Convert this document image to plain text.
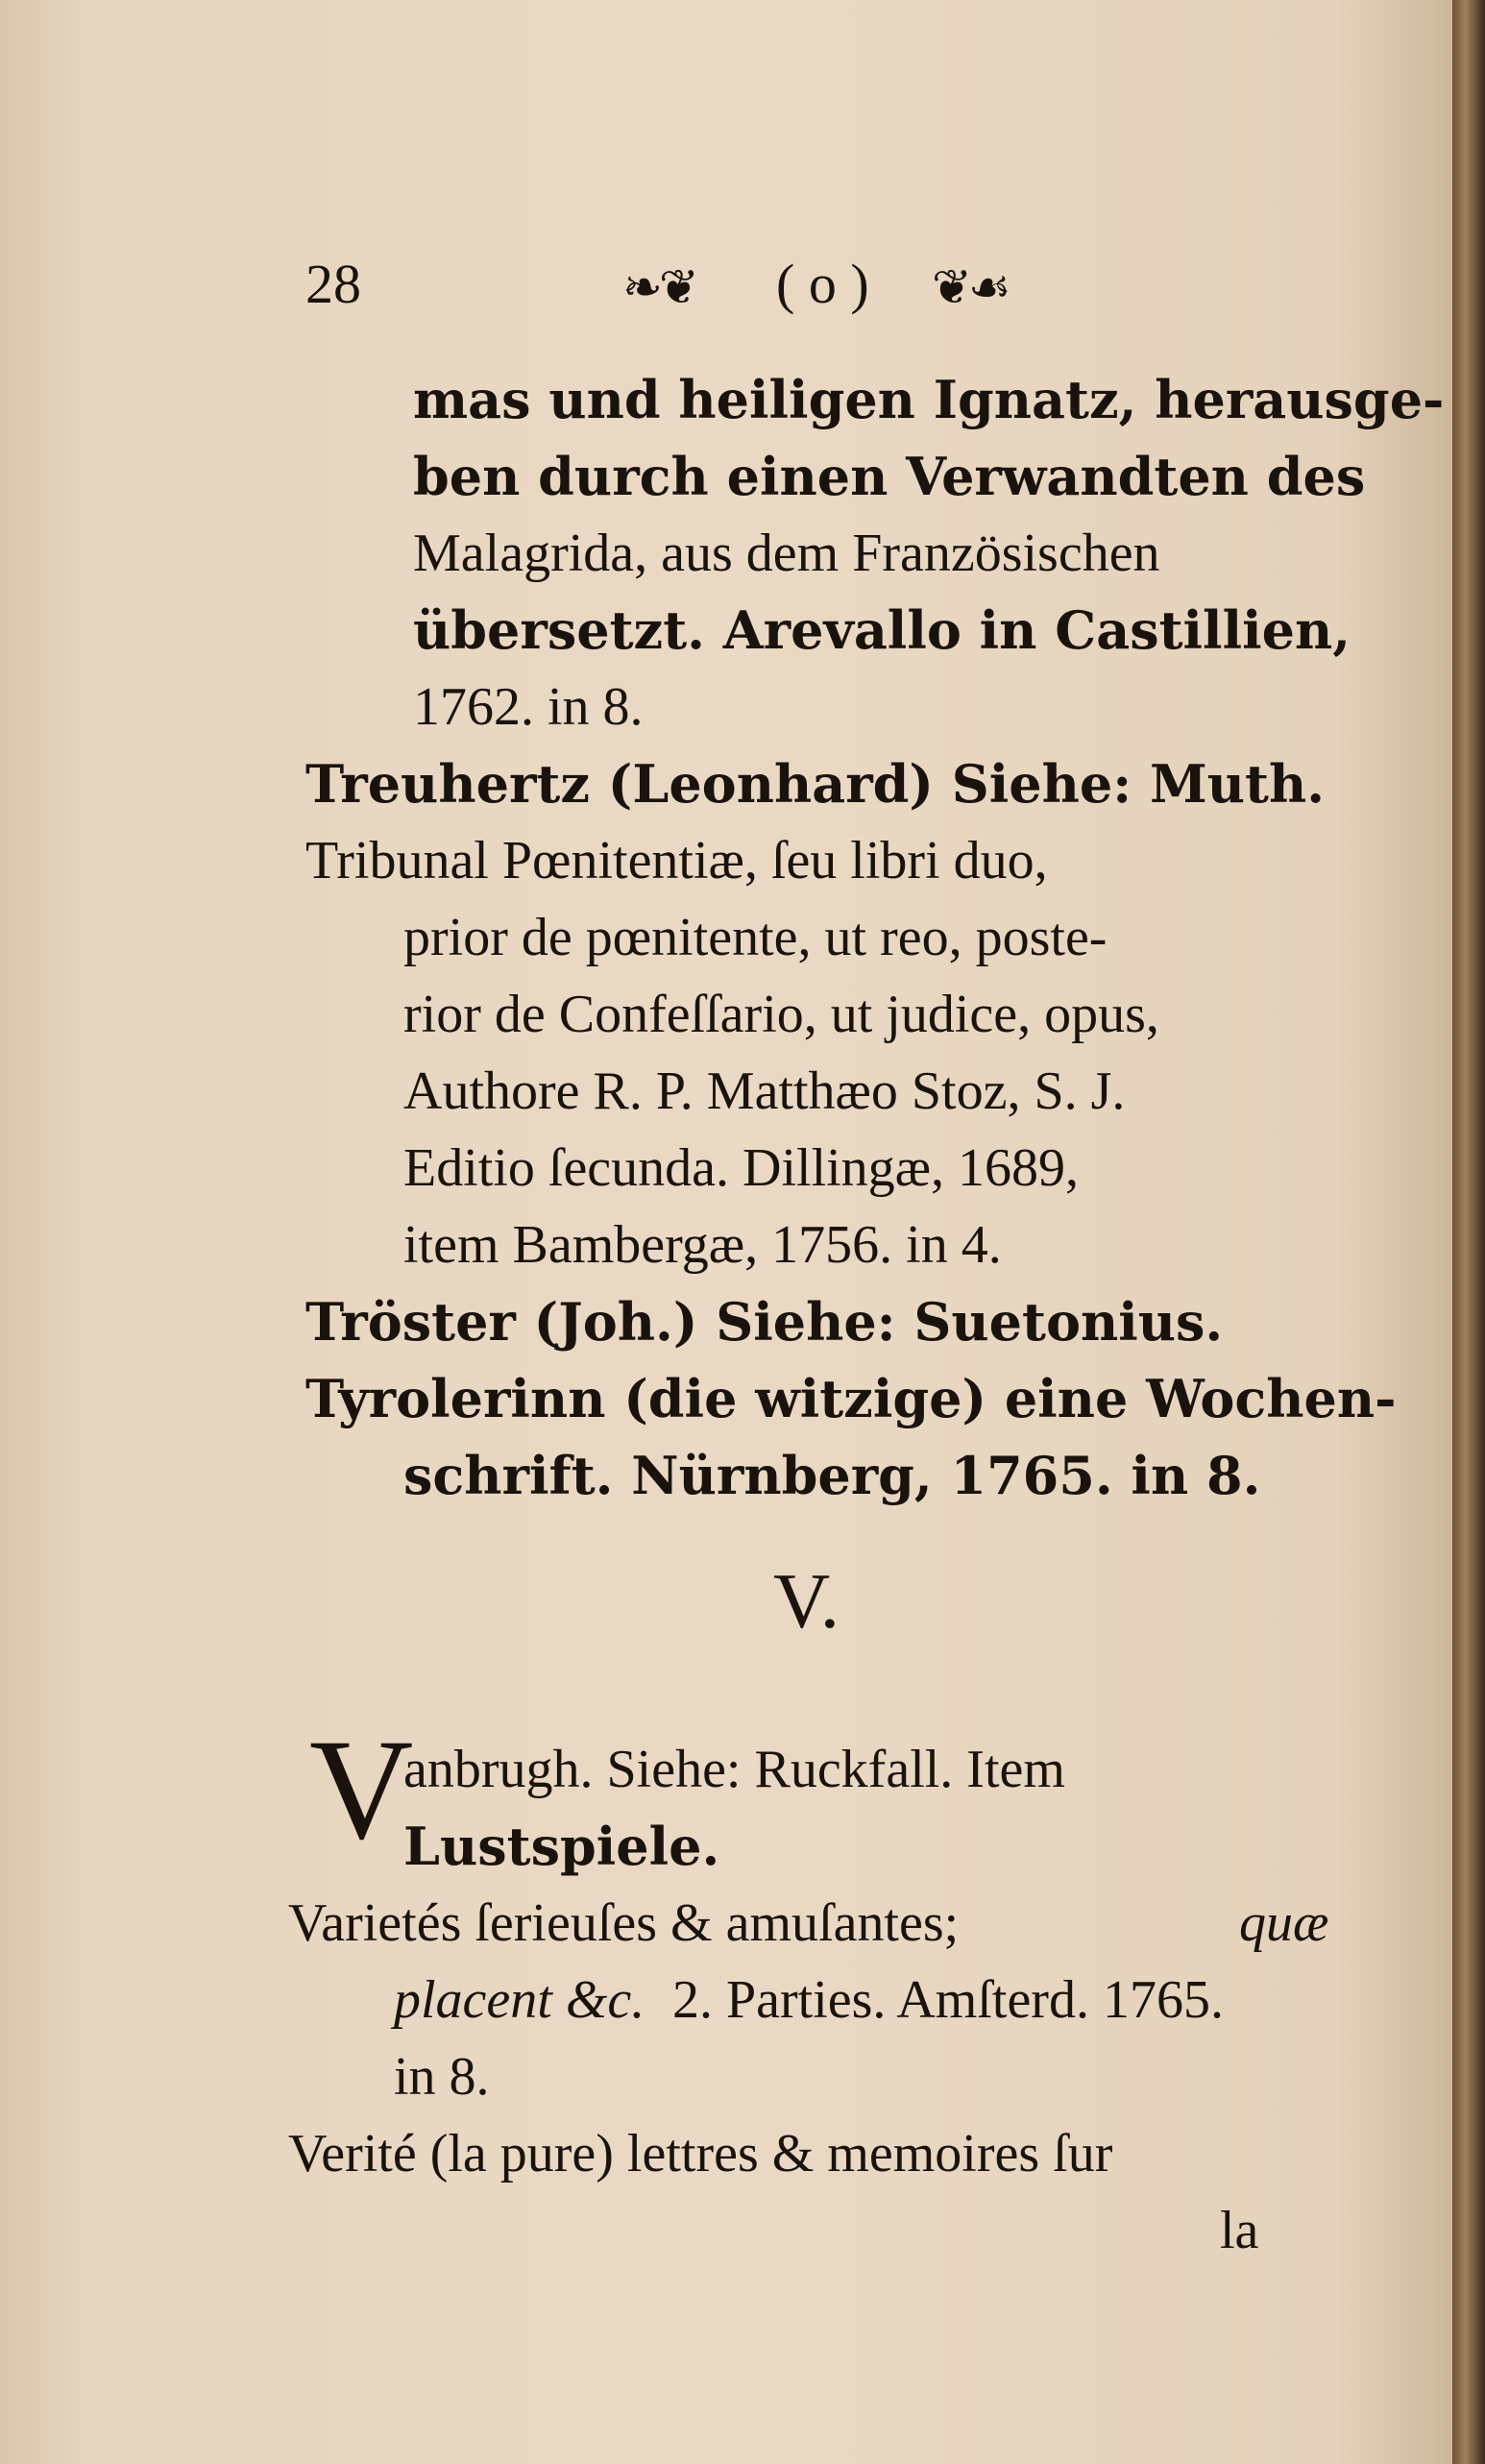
28	❧❦ ( o ) ❦☙
mas und heiligen Ignatz, herausge-
ben durch einen Verwandten des
Malagrida, aus dem Französischen
übersetzt. Arevallo in Castillien,
1762. in 8.
Treuhertz (Leonhard) Siehe: Muth.
Tribunal Pœnitentiæ, ſeu libri duo,
prior de pœnitente, ut reo, poste-
rior de Confeſſario, ut judice, opus,
Authore R. P. Matthæo Stoz, S. J.
Editio ſecunda. Dillingæ, 1689,
item Bambergæ, 1756. in 4.
Tröster (Joh.) Siehe: Suetonius.
Tyrolerinn (die witzige) eine Wochen-
schrift. Nürnberg, 1765. in 8.
V.
V
anbrugh. Siehe: Ruckfall. Item
Lustspiele.
Varietés ſerieuſes & amuſantes;	quæ
placent &c. 2. Parties. Amſterd. 1765.
in 8.
Verité (la pure) lettres & memoires ſur
la
